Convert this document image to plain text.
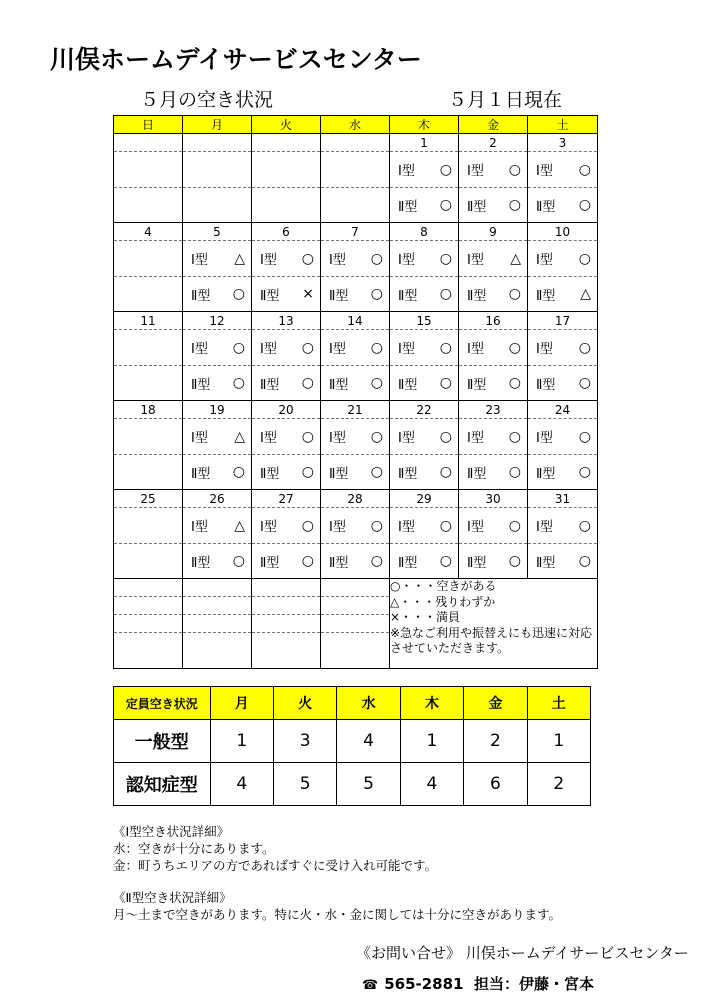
川俣ホームデイサービスセンター
５月の空き状況	５月１日現在
日	月	火	水	木	金	土
				1	2	3

				Ⅰ型 ○	Ⅰ型 ○	Ⅰ型 ○

				Ⅱ型 ○	Ⅱ型 ○	Ⅱ型 ○

4	5	6	7	8	9	10

	Ⅰ型 △	Ⅰ型 ○	Ⅰ型 ○	Ⅰ型 ○	Ⅰ型 △	Ⅰ型 ○

	Ⅱ型 ○	Ⅱ型 ×	Ⅱ型 ○	Ⅱ型 ○	Ⅱ型 ○	Ⅱ型 △

11	12	13	14	15	16	17

	Ⅰ型 ○	Ⅰ型 ○	Ⅰ型 ○	Ⅰ型 ○	Ⅰ型 ○	Ⅰ型 ○

	Ⅱ型 ○	Ⅱ型 ○	Ⅱ型 ○	Ⅱ型 ○	Ⅱ型 ○	Ⅱ型 ○

18	19	20	21	22	23	24

	Ⅰ型 △	Ⅰ型 ○	Ⅰ型 ○	Ⅰ型 ○	Ⅰ型 ○	Ⅰ型 ○

	Ⅱ型 ○	Ⅱ型 ○	Ⅱ型 ○	Ⅱ型 ○	Ⅱ型 ○	Ⅱ型 ○

25	26	27	28	29	30	31

	Ⅰ型 △	Ⅰ型 ○	Ⅰ型 ○	Ⅰ型 ○	Ⅰ型 ○	Ⅰ型 ○

	Ⅱ型 ○	Ⅱ型 ○	Ⅱ型 ○	Ⅱ型 ○	Ⅱ型 ○	Ⅱ型 ○

				○・・・空きがある
△・・・残りわずか
×・・・満員
※急なご利用や振替えにも迅速に対応させていただきます。		

定員空き状況	月	火	水	木	金	土
一般型	1	3	4	1	2	1
認知症型	4	5	5	4	6	2
《Ⅰ型空き状況詳細》
水：空きが十分にあります。
金：町うちエリアの方であればすぐに受け入れ可能です。
《Ⅱ型空き状況詳細》
月～土まで空きがあります。特に火・水・金に関しては十分に空きがあります。
《お問い合せ》 川俣ホームデイサービスセンター
☎ 565-2881 担当：伊藤・宮本
